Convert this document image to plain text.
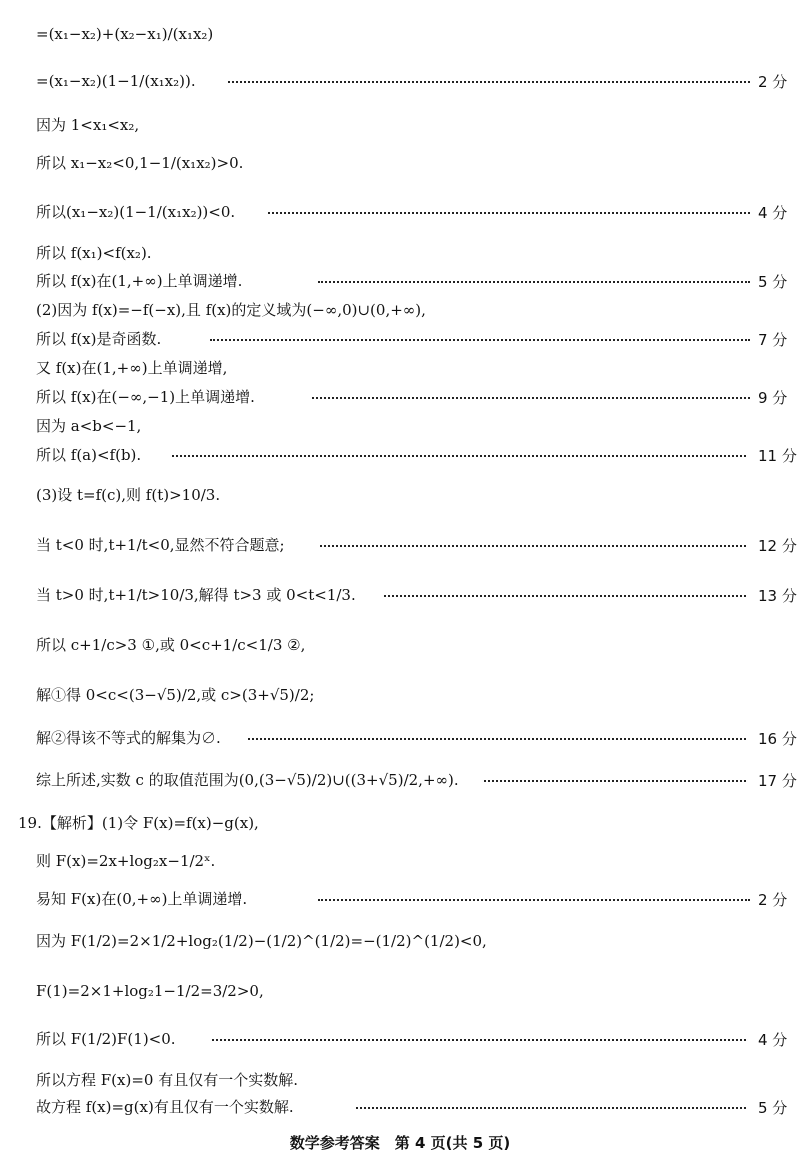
=(x₁−x₂)+(x₂−x₁)/(x₁x₂)
=(x₁−x₂)(1−1/(x₁x₂)).	2 分
因为 1<x₁<x₂,
所以 x₁−x₂<0,1−1/(x₁x₂)>0.
所以(x₁−x₂)(1−1/(x₁x₂))<0.	4 分
所以 f(x₁)<f(x₂).
所以 f(x)在(1,+∞)上单调递增.	5 分
(2)因为 f(x)=−f(−x),且 f(x)的定义域为(−∞,0)∪(0,+∞),
所以 f(x)是奇函数.	7 分
又 f(x)在(1,+∞)上单调递增,
所以 f(x)在(−∞,−1)上单调递增.	9 分
因为 a<b<−1,
所以 f(a)<f(b).	11 分
(3)设 t=f(c),则 f(t)>10/3.
当 t<0 时,t+1/t<0,显然不符合题意;	12 分
当 t>0 时,t+1/t>10/3,解得 t>3 或 0<t<1/3.	13 分
所以 c+1/c>3 ①,或 0<c+1/c<1/3 ②,
解①得 0<c<(3−√5)/2,或 c>(3+√5)/2;
解②得该不等式的解集为∅.	16 分
综上所述,实数 c 的取值范围为(0,(3−√5)/2)∪((3+√5)/2,+∞).	17 分
19.【解析】(1)令 F(x)=f(x)−g(x),
则 F(x)=2x+log₂x−1/2ˣ.
易知 F(x)在(0,+∞)上单调递增.	2 分
因为 F(1/2)=2×1/2+log₂(1/2)−(1/2)^(1/2)=−(1/2)^(1/2)<0,
F(1)=2×1+log₂1−1/2=3/2>0,
所以 F(1/2)F(1)<0.	4 分
所以方程 F(x)=0 有且仅有一个实数解.
故方程 f(x)=g(x)有且仅有一个实数解.	5 分
数学参考答案　第 4 页(共 5 页)
